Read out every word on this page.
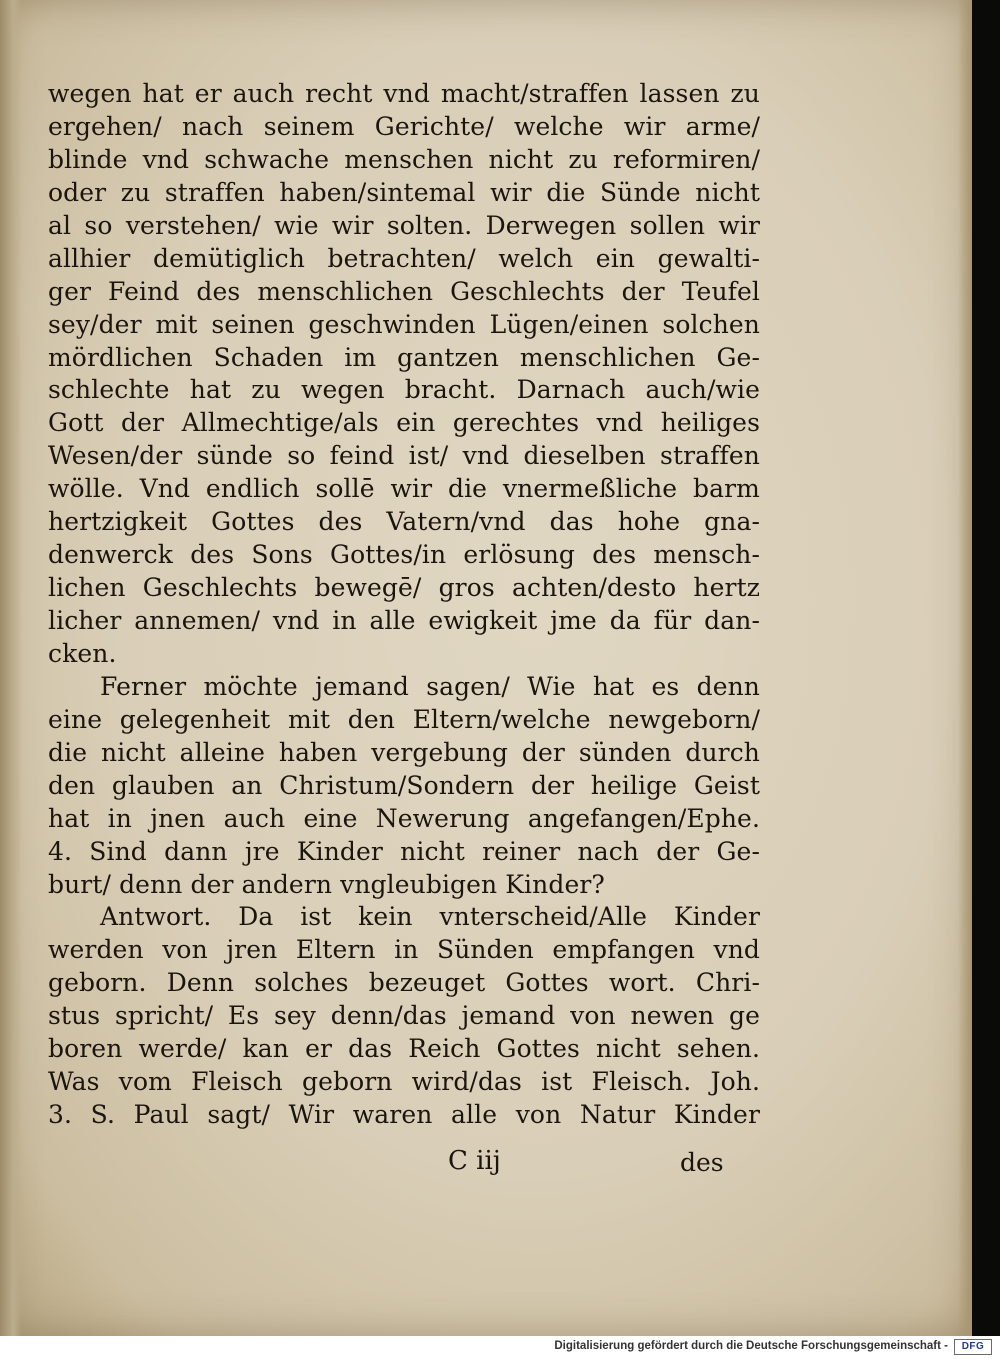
wegen hat er auch recht vnd macht/straffen lassen zu
ergehen/ nach seinem Gerichte/ welche wir arme/
blinde vnd schwache menschen nicht zu reformiren/
oder zu straffen haben/sintemal wir die Sünde nicht
al so verstehen/ wie wir solten. Derwegen sollen wir
allhier demütiglich betrachten/ welch ein gewalti-
ger Feind des menschlichen Geschlechts der Teufel
sey/der mit seinen geschwinden Lügen/einen solchen
mördlichen Schaden im gantzen menschlichen Ge-
schlechte hat zu wegen bracht. Darnach auch/wie
Gott der Allmechtige/als ein gerechtes vnd heiliges
Wesen/der sünde so feind ist/ vnd dieselben straffen
wölle. Vnd endlich sollē wir die vnermeßliche barm
hertzigkeit Gottes des Vatern/vnd das hohe gna-
denwerck des Sons Gottes/in erlösung des mensch-
lichen Geschlechts bewegē/ gros achten/desto hertz
licher annemen/ vnd in alle ewigkeit jme da für dan-
cken.
Ferner möchte jemand sagen/ Wie hat es denn
eine gelegenheit mit den Eltern/welche newgeborn/
die nicht alleine haben vergebung der sünden durch
den glauben an Christum/Sondern der heilige Geist
hat in jnen auch eine Newerung angefangen/Ephe.
4. Sind dann jre Kinder nicht reiner nach der Ge-
burt/ denn der andern vngleubigen Kinder?
Antwort. Da ist kein vnterscheid/Alle Kinder
werden von jren Eltern in Sünden empfangen vnd
geborn. Denn solches bezeuget Gottes wort. Chri-
stus spricht/ Es sey denn/das jemand von newen ge
boren werde/ kan er das Reich Gottes nicht sehen.
Was vom Fleisch geborn wird/das ist Fleisch. Joh.
3. S. Paul sagt/ Wir waren alle von Natur Kinder
C iij	des
Digitalisierung gefördert durch die Deutsche Forschungsgemeinschaft -	DFG
